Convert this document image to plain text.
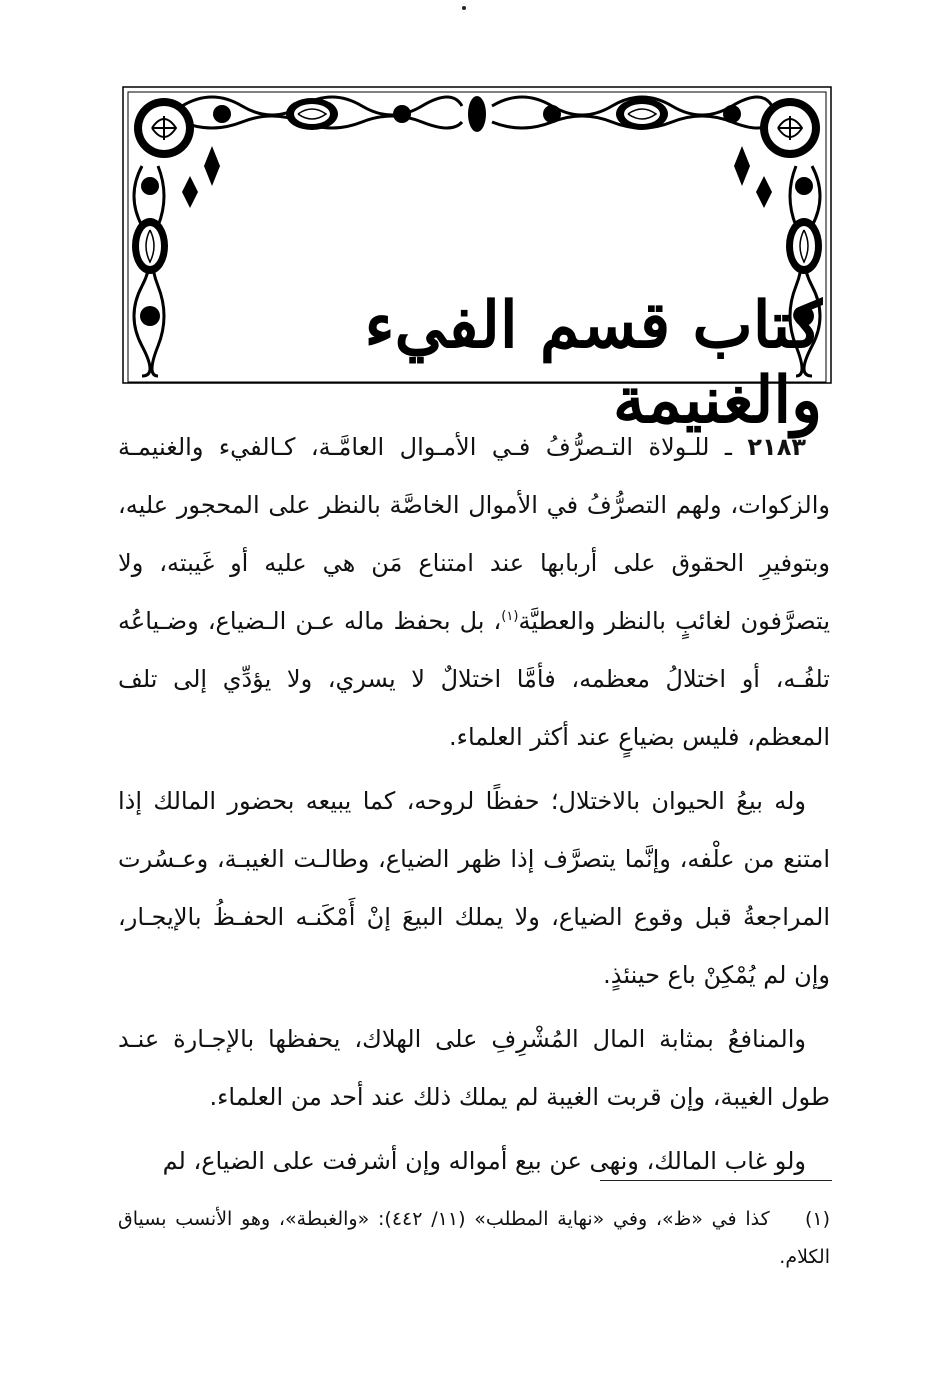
كتاب قسم الفيء والغنيمة

٢١٨٣ ـ للـولاة التـصرُّفُ فـي الأمـوال العامَّـة، كـالفيء والغنيمـة والزكوات، ولهم التصرُّفُ في الأموال الخاصَّة بالنظر على المحجور عليه، وبتوفيرِ الحقوق على أربابها عند امتناع مَن هي عليه أو غَيبته، ولا يتصرَّفون لغائبٍ بالنظر والعطيَّة$^{(١)}$، بل بحفظ ماله عـن الـضياع، وضـياعُه تلفُـه، أو اختلالُ معظمه، فأمَّا اختلالٌ لا يسري، ولا يؤدِّي إلى تلف المعظم، فليس بضياعٍ عند أكثر العلماء.

وله بيعُ الحيوان بالاختلال؛ حفظًا لروحه، كما يبيعه بحضور المالك إذا امتنع من علْفه، وإنَّما يتصرَّف إذا ظهر الضياع، وطالـت الغيبـة، وعـسُرت المراجعةُ قبل وقوع الضياع، ولا يملك البيعَ إنْ أَمْكَنـه الحفـظُ بالإيجـار، وإن لم يُمْكِنْ باع حينئذٍ.

والمنافعُ بمثابة المال المُشْرِفِ على الهلاك، يحفظها بالإجـارة عنـد طول الغيبة، وإن قربت الغيبة لم يملك ذلك عند أحد من العلماء.

ولو غاب المالك، ونهى عن بيع أمواله وإن أشرفت على الضياع، لم

(١)    كذا في «ظ»، وفي «نهاية المطلب» (١١/ ٤٤٢): «والغبطة»، وهو الأنسب بسياق الكلام.
